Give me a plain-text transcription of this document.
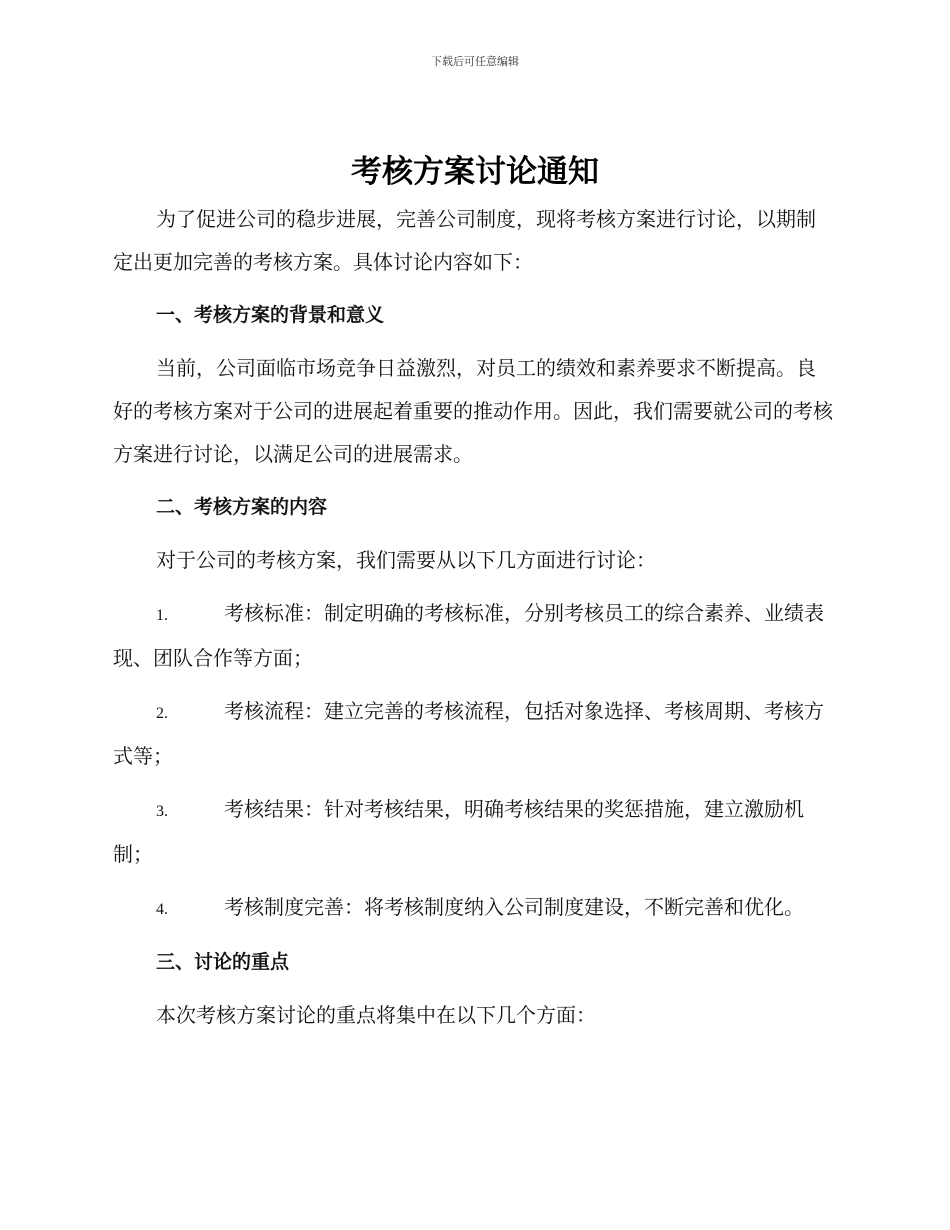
下载后可任意编辑
考核方案讨论通知

为了促进公司的稳步进展，完善公司制度，现将考核方案进行讨论，以期制定出更加完善的考核方案。具体讨论内容如下：

一、考核方案的背景和意义

当前，公司面临市场竞争日益激烈，对员工的绩效和素养要求不断提高。良好的考核方案对于公司的进展起着重要的推动作用。因此，我们需要就公司的考核方案进行讨论，以满足公司的进展需求。

二、考核方案的内容

对于公司的考核方案，我们需要从以下几方面进行讨论：

1.	考核标准：制定明确的考核标准，分别考核员工的综合素养、业绩表现、团队合作等方面；

2.	考核流程：建立完善的考核流程，包括对象选择、考核周期、考核方式等；

3.	考核结果：针对考核结果，明确考核结果的奖惩措施，建立激励机制；

4.	考核制度完善：将考核制度纳入公司制度建设，不断完善和优化。

三、讨论的重点

本次考核方案讨论的重点将集中在以下几个方面：
